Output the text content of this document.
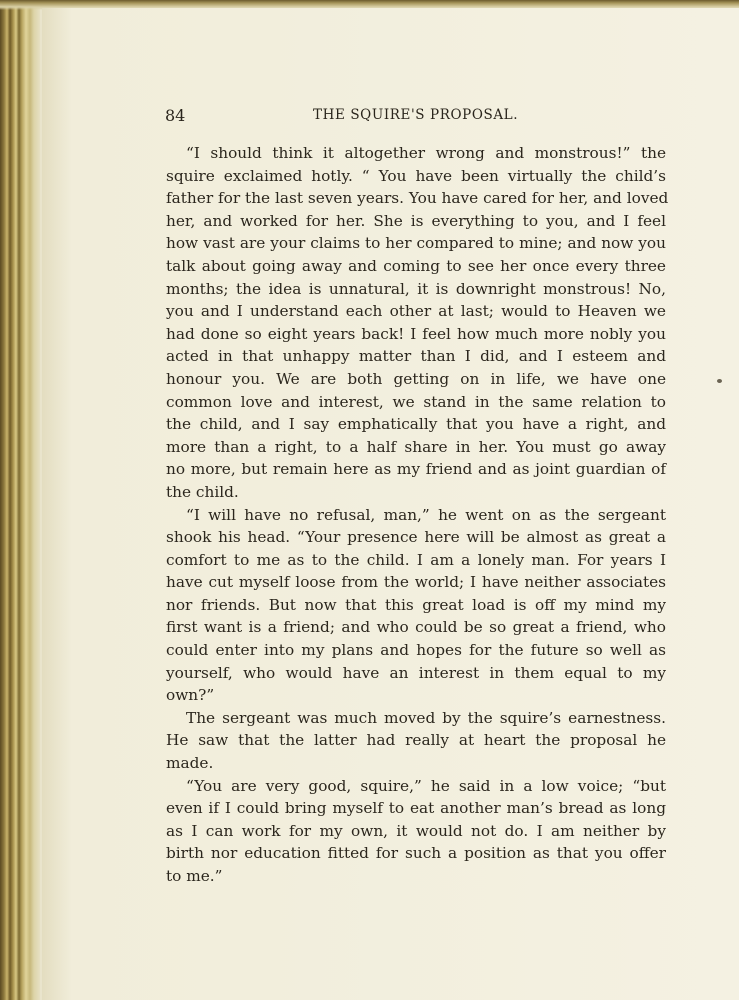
84	THE SQUIRE'S PROPOSAL.
“I should think it altogether wrong and monstrous!” the
squire exclaimed hotly. “ You have been virtually the child’s
father for the last seven years. You have cared for her, and loved
her, and worked for her. She is everything to you, and I feel
how vast are your claims to her compared to mine; and now you
talk about going away and coming to see her once every three
months; the idea is unnatural, it is downright monstrous! No,
you and I understand each other at last; would to Heaven we
had done so eight years back! I feel how much more nobly you
acted in that unhappy matter than I did, and I esteem and
honour you. We are both getting on in life, we have one
common love and interest, we stand in the same relation to
the child, and I say emphatically that you have a right, and
more than a right, to a half share in her. You must go away
no more, but remain here as my friend and as joint guardian of
the child.
“I will have no refusal, man,” he went on as the sergeant
shook his head. “Your presence here will be almost as great a
comfort to me as to the child. I am a lonely man. For years I
have cut myself loose from the world; I have neither associates
nor friends. But now that this great load is off my mind my
first want is a friend; and who could be so great a friend, who
could enter into my plans and hopes for the future so well as
yourself, who would have an interest in them equal to my
own?”
The sergeant was much moved by the squire’s earnestness.
He saw that the latter had really at heart the proposal he
made.
“You are very good, squire,” he said in a low voice; “but
even if I could bring myself to eat another man’s bread as long
as I can work for my own, it would not do. I am neither by
birth nor education fitted for such a position as that you offer
to me.”
